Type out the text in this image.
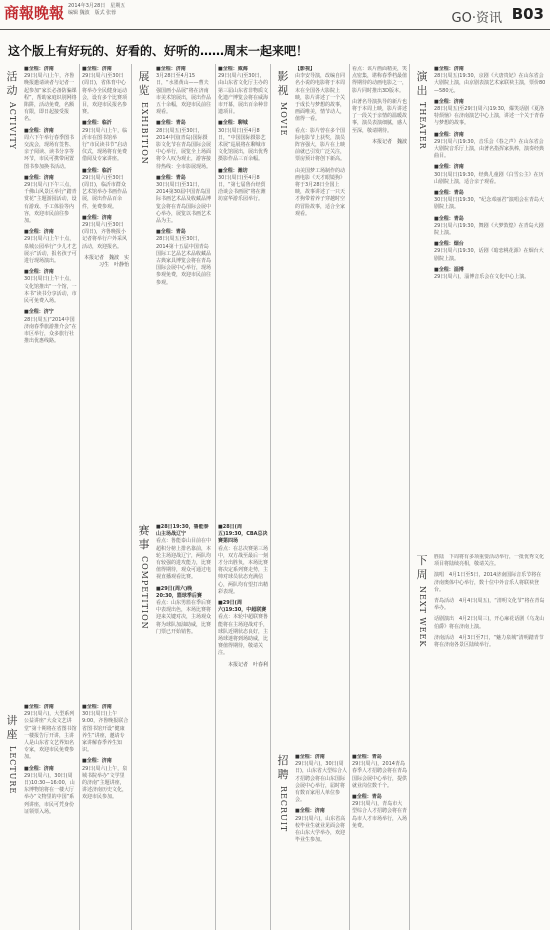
商報晚報 2014年3月28日　星期五
编辑 魏波　版式 张蓉	GO·资讯 B03
这个版上有好玩的、好看的、好听的……周末一起来吧！
活动
ACTIVITY
讲座
LECTURE
■全程：济南
29日(周六)上午，齐鲁晚报邀请读者与记者一起参加“家长必备防骗课程”，帮助家庭识别网络陷阱，活动免费，名额有限，即日起接受报名。
■全程：济南
周六下午举行春季图书交流会，现场有签售、亲子阅读、读书分享等环节，市民可携带闲置图书参加换书活动。
■全程：济南
29日(周六)下午三点，千佛山风景区举行“踏青赏花”主题游园活动，设有游戏、手工体验等内容，欢迎市民前往参加。
■全程：济南
29日(周六)上午十点，泉城公园举行“少儿才艺展示”活动，报名孩子可进行现场演出。
■全程：济南
30日(周日)上午十点，文化馆推出“一个馆，一本书”读书分享活动，市民可免费入场。
■全程：济宁
28日(周五)“2014中国济南春季旅游推介会”在市区举行，众多旅行社推出优惠线路。
■全程：济南
29日(周六)，大型系列公益讲座“大众文艺讲堂”第十期将在省图书馆一楼报告厅开讲，主讲人是山东省文艺界知名专家，欢迎市民免费参加。
■全程：济南
29日(周六)，30日(周日)10:30—16:00，山东博物馆将在一楼大厅举办“文物里的中国”系列讲座，市民可凭身份证领票入场。
■全程：济南
29日(周六)至30日(周日)，省体育中心将举办全民健身运动会，设有多个比赛项目，欢迎市民报名参赛。
■全程：临沂
29日(周六)上午，临沂市在图书馆举行“市民读书节”启动仪式，现场将有免费借阅及专家讲座。
■全程：临沂
29日(周六)至30日(周日)，临沂市群众艺术馆举办书画作品展，展出作品百余件，免费参观。
■全程：济南
29日(周六)至30日(周日)，齐鲁晚报小记者将举行户外采风活动，欢迎报名。
本报记者　魏波　实习生　叶静怡
■全程：济南
30日(周日)上午9:00，齐鲁晚报联合省图书馆开设“健康养生”讲座，邀请专家讲解春季养生知识。
■全程：济南
29日(周六)上午，泉城书院举办“文学里的济南”主题讲座，讲述济南历史文化，欢迎市民参加。
展览
EXHIBITION
赛事
COMPETITION
■全程：济南
3月28日至4月15日，“水墨黄山——曹夫强国画小品展”将在济南市美术馆展出，展出作品五十余幅，欢迎市民前往观看。
■全程：青岛
28日(周五)至30日，2014中国(青岛)国际摄影文化节在青岛国际会展中心举行，展览全上场面将令人叹为观止，游客接待热线：全市影展现场。
■全程：青岛
30日(周日)至31日，2014第30届中国青岛国际书画艺术品及收藏品博览会将在青岛国际会展中心举办，展览以书画艺术品为主。
■全程：青岛
28日(周五)至30日，2014第十五届中国青岛国际工艺品艺术品收藏品古典家具博览会将在青岛国际会展中心举行，现场参观免费，欢迎市民前往参观。
■28日19:30，鲁能泰山主场战辽宁
看点：鲁能泰山目前在中超积分榜上排名靠前，本轮主场迎战辽宁，两队均有较强的进攻能力，比赛值得期待，观众可通过电视直播观看比赛。
■29日(周六)晚20:30，篮球季后赛
看点：山东男篮在季后赛中表现出色，本场比赛将迎来关键对决，主场观众将为球队加油助威，比赛门票已开始销售。
■全程：威海
29日(周六)至30日，由山东省文化厅主办的第三届山东省非物质文化遗产博览会将在威海市开幕，展出百余种非遗项目。
■全程：聊城
30日(周日)至4月8日，“中国国际摄影艺术展”巡展将在聊城市文化馆展出，展出优秀摄影作品三百余幅。
■全程：潍坊
30日(周日)至4月8日，“第七届鲁台经贸洽谈会书画展”将在潍坊富华游乐园举行。
■28日(周五)19:30，CBA总决赛第四场
看点：在总决赛第三场中，双方战至最后一刻才分出胜负，本场比赛将决定系列赛走势，主帅对球员状态充满信心，两队均有望打出精彩表现。
■29日(周六)19:30，中超联赛
看点：本轮中超联赛鲁能将在主场迎战对手，球队近期状态良好，主场球迷将到场助威，比赛值得期待，敬请关注。
本报记者　叶春利
影视
MOVIE
招聘
RECRUIT
【影视】
由李安导演，改编自同名小说的电影将于本周末在全国各大影院上映，影片讲述了一个关于成长与梦想的故事，画面唯美，情节动人，值得一看。
看点：影片曾在多个国际电影节上获奖，演员阵容强大，影片在上映前就已引发广泛关注，票房预计将创下新高。
由美国梦工场制作的动画电影《天才眼镜狗》将于3月28日全国上映，故事讲述了一只天才狗带着养子穿越时空的冒险故事，适合全家观看。
■全程：济南
29日(周六)，30日(周日)，山东省大型综合人才招聘会将在山东国际会展中心举行，届时将有数百家用人单位参会。
■全程：济南
29日(周六)，山东省高校毕业生就业见面会将在山东大学举办，欢迎毕业生参加。
看点：该片画面精美，笑点密集，堪称春季档最值得期待的动画电影之一，影片同时推出3D版本。
由著名导演执导的新片也将于本周上映，影片讲述了一段关于亲情的温暖故事，演员表演细腻，感人至深，敬请期待。
本报记者　魏波
■全程：青岛
29日(周六)，2014青岛春季人才招聘会将在青岛国际会展中心举行，提供就业岗位数千个。
■全程：青岛
29日(周六)，青岛市大型综合人才招聘会将在青岛市人才市场举行，入场免费。
演出
THEATER
下周
NEXT WEEK
■全程：济南
28日(周五)19:30，京剧《大唐贵妃》在山东省会大剧院上演，由京剧表演艺术家联袂主演，票价80—580元。
■全程：济南
28日(周五)至29日(周六)19:30，爆笑话剧《夏洛特烦恼》在济南演艺中心上演，讲述一个关于青春与梦想的故事。
■全程：济南
29日(周六)19:30，音乐会《春之声》在山东省会大剧院音乐厅上演，由著名指挥家执棒，演奏经典曲目。
■全程：济南
30日(周日)19:30，经典儿童剧《白雪公主》在历山剧院上演，适合亲子观看。
■全程：青岛
30日(周日)19:30，“纪念邓丽君”演唱会在青岛大剧院上演。
■全程：青岛
29日(周六)19:30，舞剧《大梦敦煌》在青岛大剧院上演。
■全程：烟台
29日(周六)19:30，话剧《暗恋桃花源》在烟台大剧院上演。
■全程：淄博
29日(周六)，淄博音乐会在文化中心上演。
胜陆　下周将有多项重要活动举行，一批优秀文化项目将陆续亮相，敬请关注。
演唱　4月1日至5日，2014济南国际音乐节将在济南奥体中心举行，数十位中外音乐人将联袂登台。
青岛活动　4月4日(周五)，“清明文化节”将在青岛举办。
话剧演出　4月2日(周三)，开心麻花话剧《乌龙山伯爵》将在济南上演。
济南活动　4月3日至7日，“魅力泉城”清明踏青节将在济南各景区陆续举行。
